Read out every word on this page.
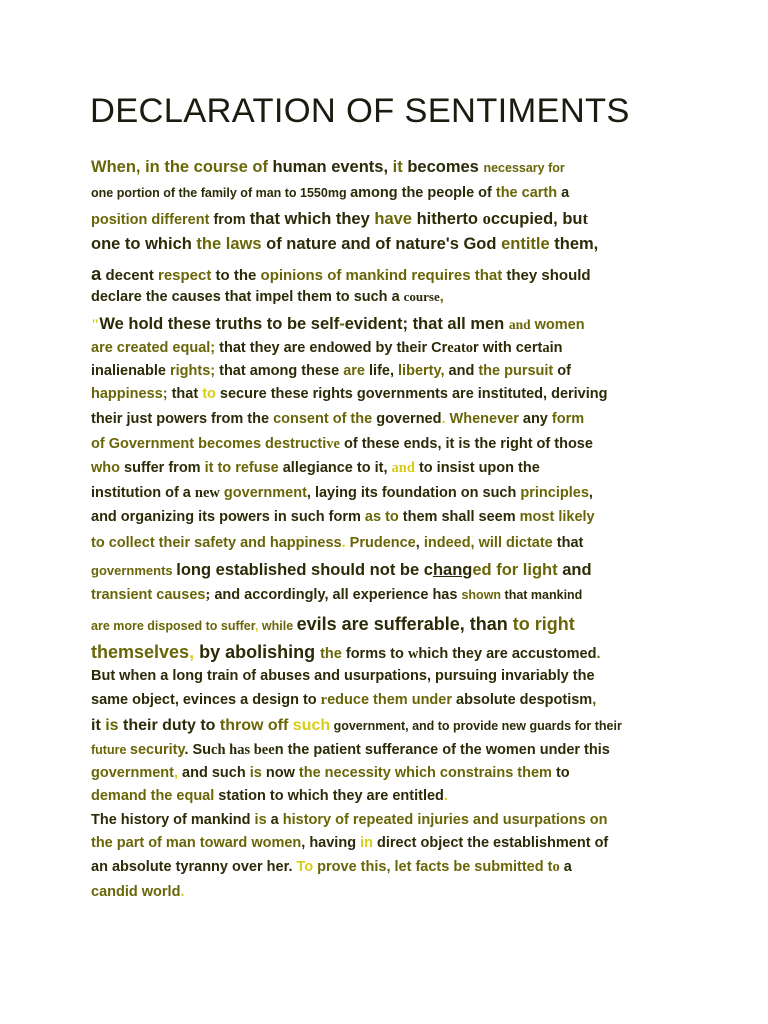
DECLARATION OF SENTIMENTS
When, in the course of human events, it becomes necessary for
one portion of the family of man to 1550mg among the people of the carth a
position different from that which they have hitherto occupied, but
one to which the laws of nature and of nature's God entitle them,
a decent respect to the opinions of mankind requires that they should
declare the causes that impel them to such a course,
"We hold these truths to be self-evident; that all men and women
are created equal; that they are endowed by their Creator with certain
inalienable rights; that among these are life, liberty, and the pursuit of
happiness; that to secure these rights governments are instituted, deriving
their just powers from the consent of the governed. Whenever any form
of Government becomes destructive of these ends, it is the right of those
who suffer from it to refuse allegiance to it, and to insist upon the
institution of a new government, laying its foundation on such principles,
and organizing its powers in such form as to them shall seem most likely
to collect their safety and happiness. Prudence, indeed, will dictate that
governments long established should not be changed for light and
transient causes; and accordingly, all experience has shown that mankind
are more disposed to suffer, while evils are sufferable, than to right
themselves, by abolishing the forms to which they are accustomed.
But when a long train of abuses and usurpations, pursuing invariably the
same object, evinces a design to reduce them under absolute despotism,
it is their duty to throw off such government, and to provide new guards for their
future security. Such has been the patient sufferance of the women under this
government, and such is now the necessity which constrains them to
demand the equal station to which they are entitled.
The history of mankind is a history of repeated injuries and usurpations on
the part of man toward women, having in direct object the establishment of
an absolute tyranny over her. To prove this, let facts be submitted to a
candid world.
